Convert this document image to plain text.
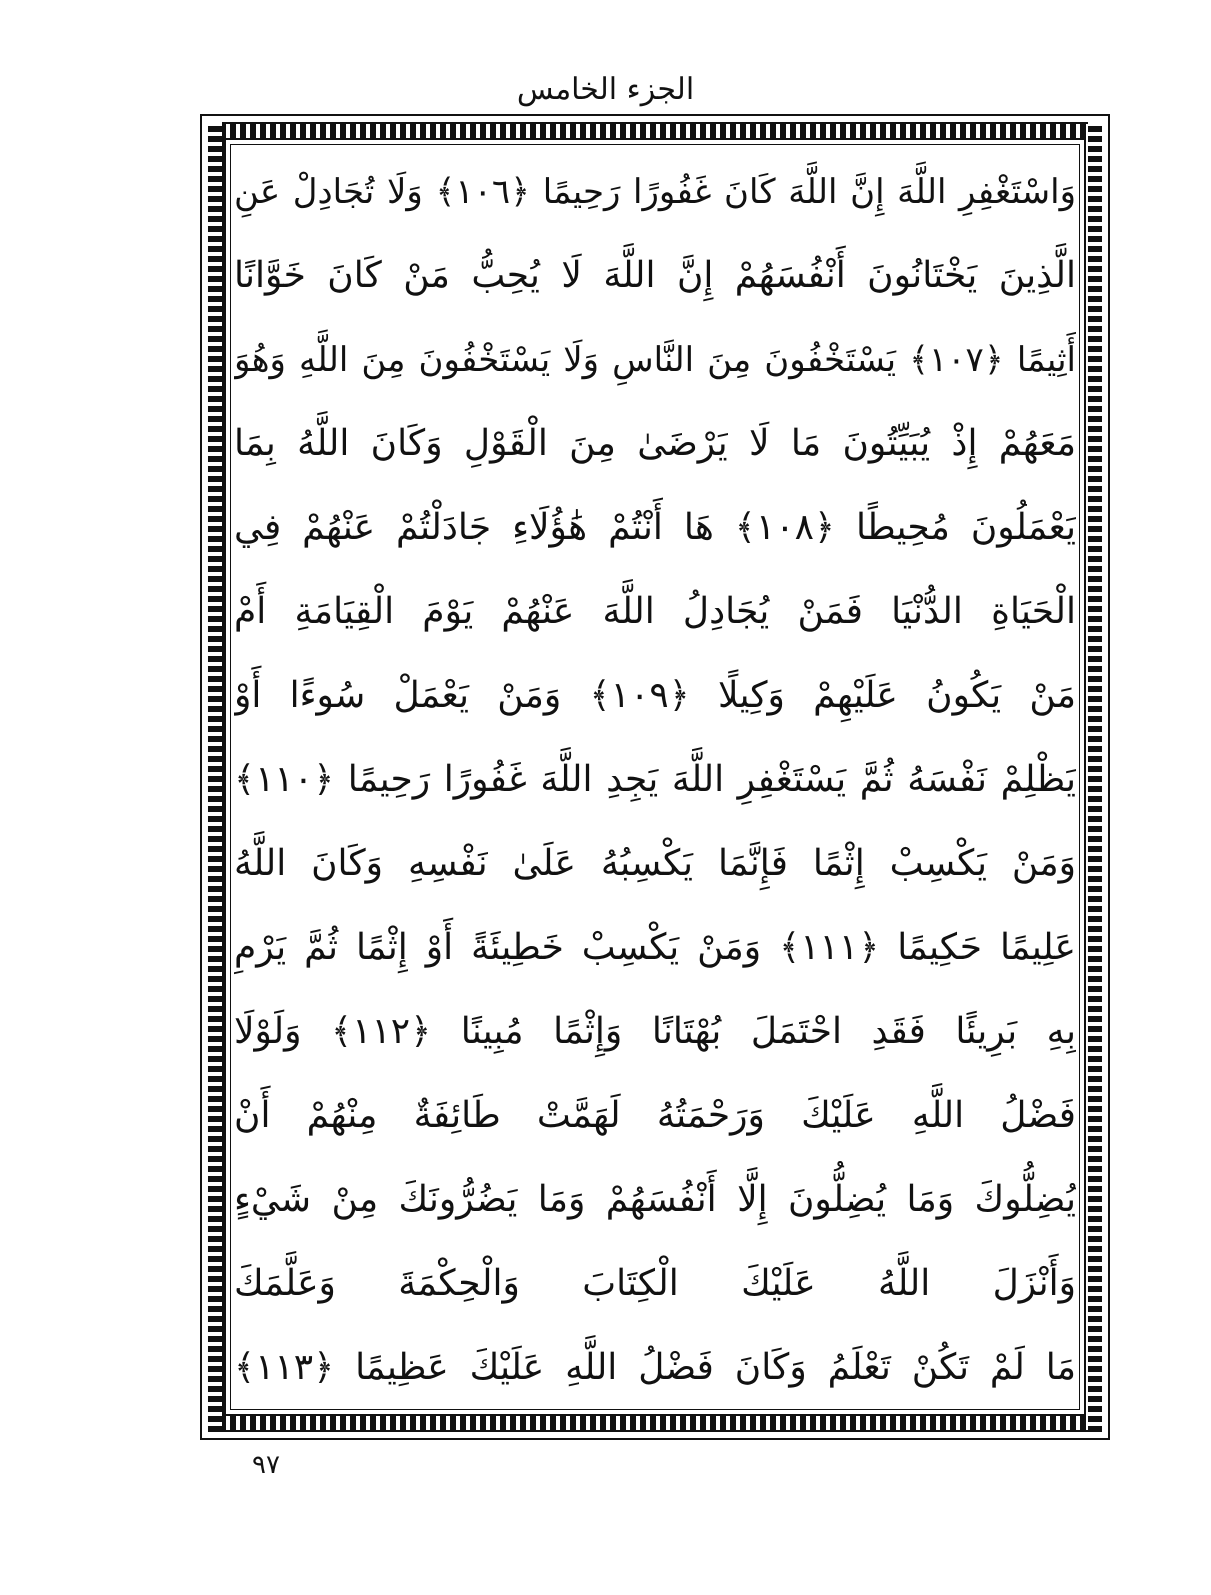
الجزء الخامس
وَاسْتَغْفِرِ اللَّهَ إِنَّ اللَّهَ كَانَ غَفُورًا رَحِيمًا ﴿١٠٦﴾ وَلَا تُجَادِلْ عَنِ
الَّذِينَ يَخْتَانُونَ أَنْفُسَهُمْ إِنَّ اللَّهَ لَا يُحِبُّ مَنْ كَانَ خَوَّانًا
أَثِيمًا ﴿١٠٧﴾ يَسْتَخْفُونَ مِنَ النَّاسِ وَلَا يَسْتَخْفُونَ مِنَ اللَّهِ وَهُوَ
مَعَهُمْ إِذْ يُبَيِّتُونَ مَا لَا يَرْضَىٰ مِنَ الْقَوْلِ وَكَانَ اللَّهُ بِمَا
يَعْمَلُونَ مُحِيطًا ﴿١٠٨﴾ هَا أَنْتُمْ هَٰؤُلَاءِ جَادَلْتُمْ عَنْهُمْ فِي
الْحَيَاةِ الدُّنْيَا فَمَنْ يُجَادِلُ اللَّهَ عَنْهُمْ يَوْمَ الْقِيَامَةِ أَمْ
مَنْ يَكُونُ عَلَيْهِمْ وَكِيلًا ﴿١٠٩﴾ وَمَنْ يَعْمَلْ سُوءًا أَوْ
يَظْلِمْ نَفْسَهُ ثُمَّ يَسْتَغْفِرِ اللَّهَ يَجِدِ اللَّهَ غَفُورًا رَحِيمًا ﴿١١٠﴾
وَمَنْ يَكْسِبْ إِثْمًا فَإِنَّمَا يَكْسِبُهُ عَلَىٰ نَفْسِهِ وَكَانَ اللَّهُ
عَلِيمًا حَكِيمًا ﴿١١١﴾ وَمَنْ يَكْسِبْ خَطِيئَةً أَوْ إِثْمًا ثُمَّ يَرْمِ
بِهِ بَرِيئًا فَقَدِ احْتَمَلَ بُهْتَانًا وَإِثْمًا مُبِينًا ﴿١١٢﴾ وَلَوْلَا
فَضْلُ اللَّهِ عَلَيْكَ وَرَحْمَتُهُ لَهَمَّتْ طَائِفَةٌ مِنْهُمْ أَنْ
يُضِلُّوكَ وَمَا يُضِلُّونَ إِلَّا أَنْفُسَهُمْ وَمَا يَضُرُّونَكَ مِنْ شَيْءٍ
وَأَنْزَلَ اللَّهُ عَلَيْكَ الْكِتَابَ وَالْحِكْمَةَ وَعَلَّمَكَ
مَا لَمْ تَكُنْ تَعْلَمُ وَكَانَ فَضْلُ اللَّهِ عَلَيْكَ عَظِيمًا ﴿١١٣﴾
٩٧
